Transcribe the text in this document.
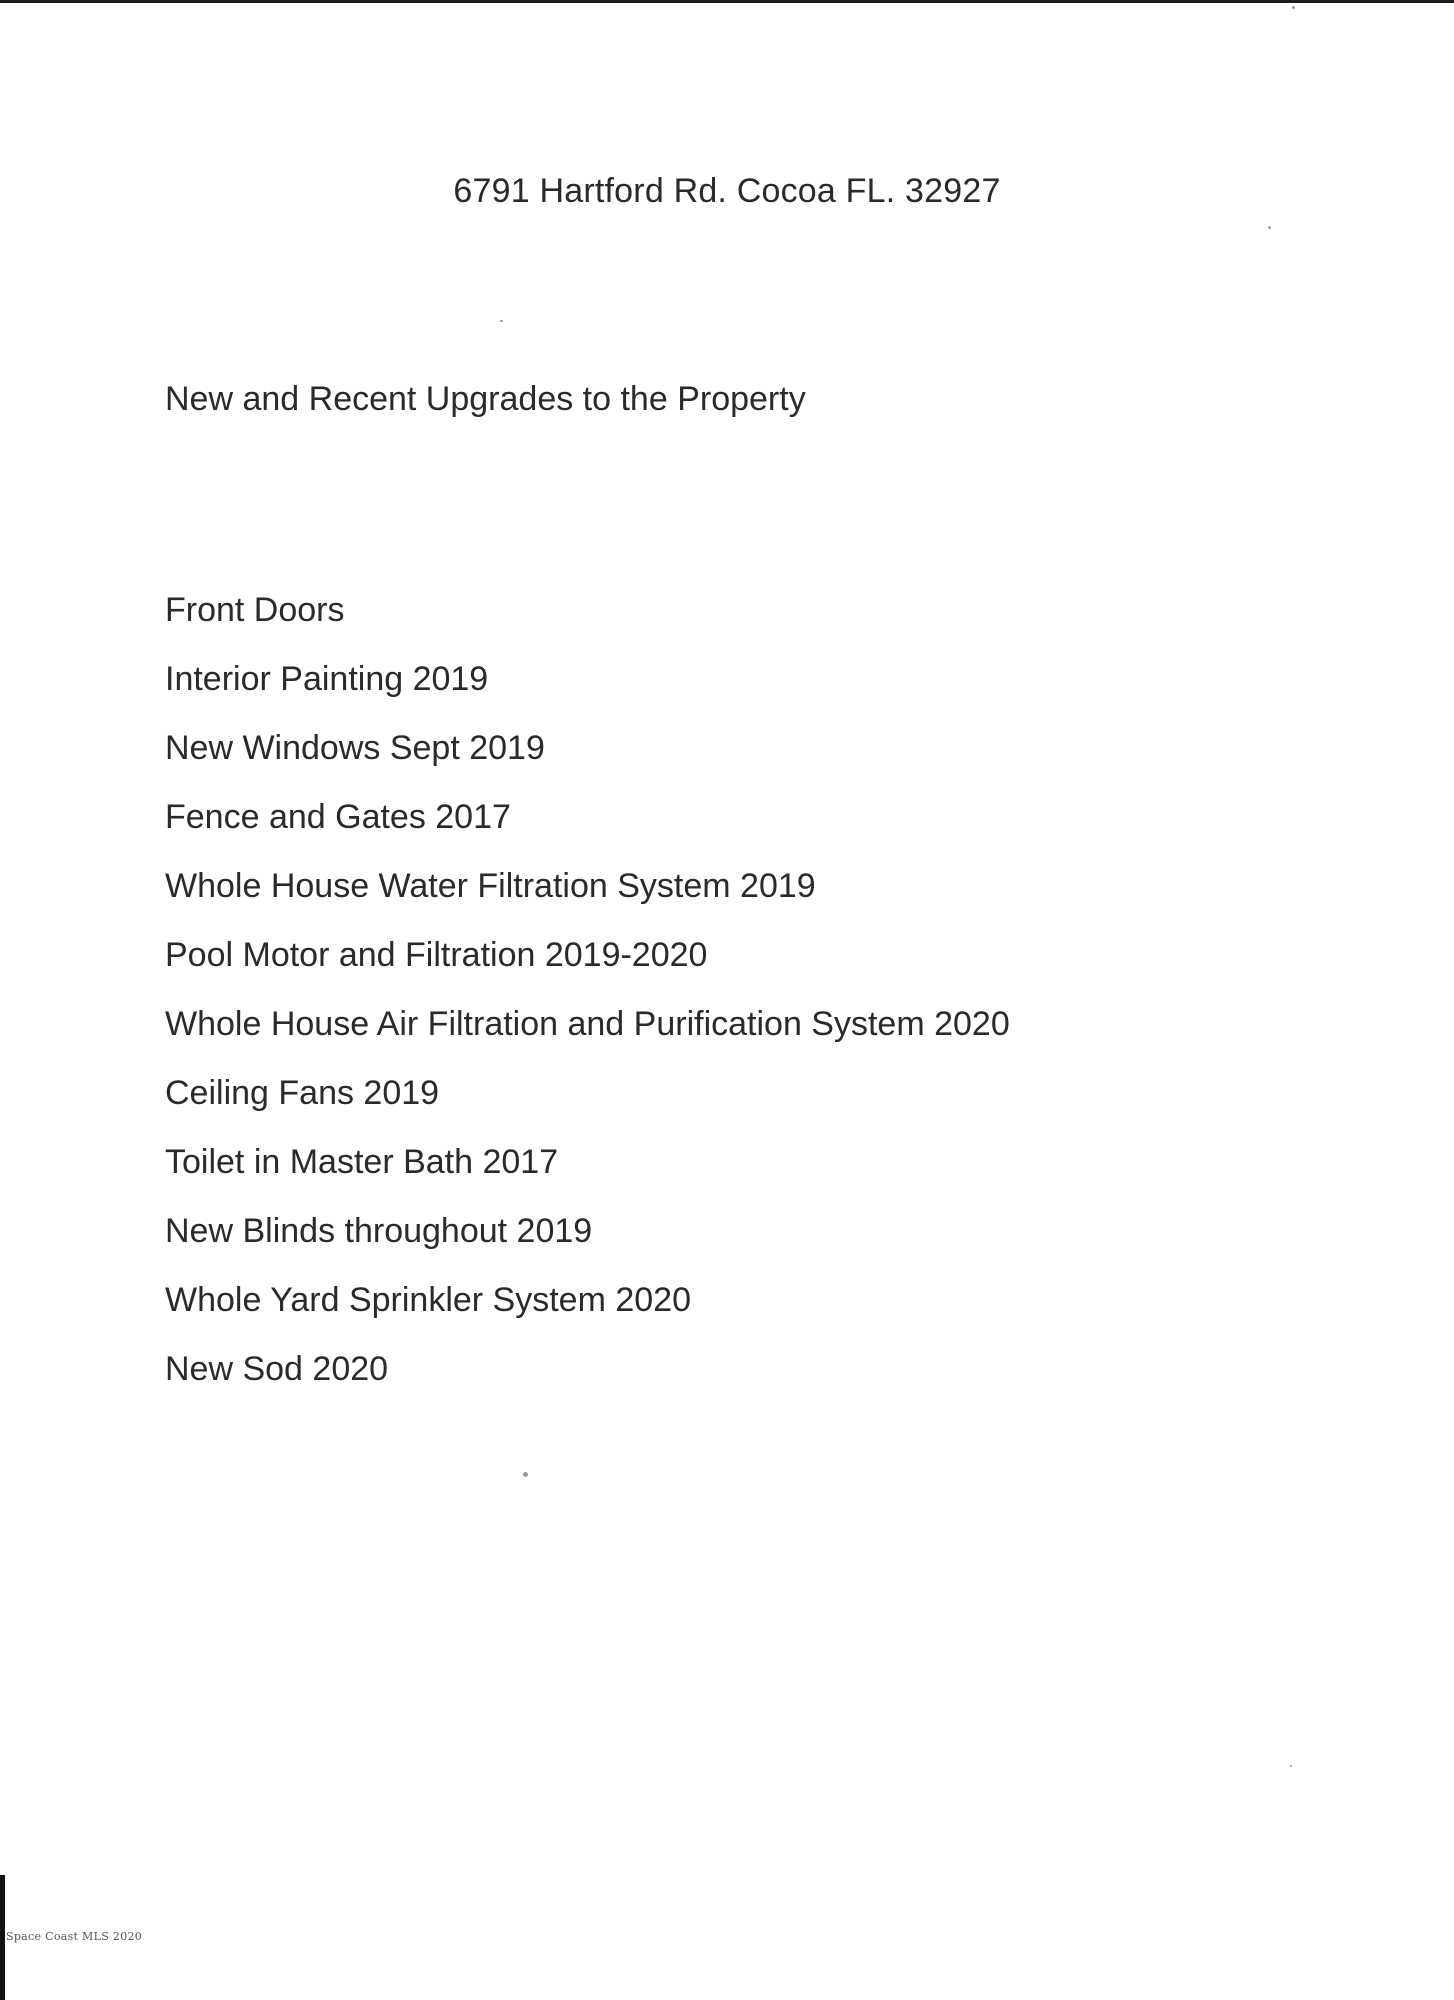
6791 Hartford Rd. Cocoa FL. 32927
New and Recent Upgrades to the Property
Front Doors
Interior Painting 2019
New Windows Sept 2019
Fence and Gates 2017
Whole House Water Filtration System 2019
Pool Motor and Filtration 2019-2020
Whole House Air Filtration and Purification System 2020
Ceiling Fans 2019
Toilet in Master Bath 2017
New Blinds throughout 2019
Whole Yard Sprinkler System 2020
New Sod 2020
Space Coast MLS 2020
